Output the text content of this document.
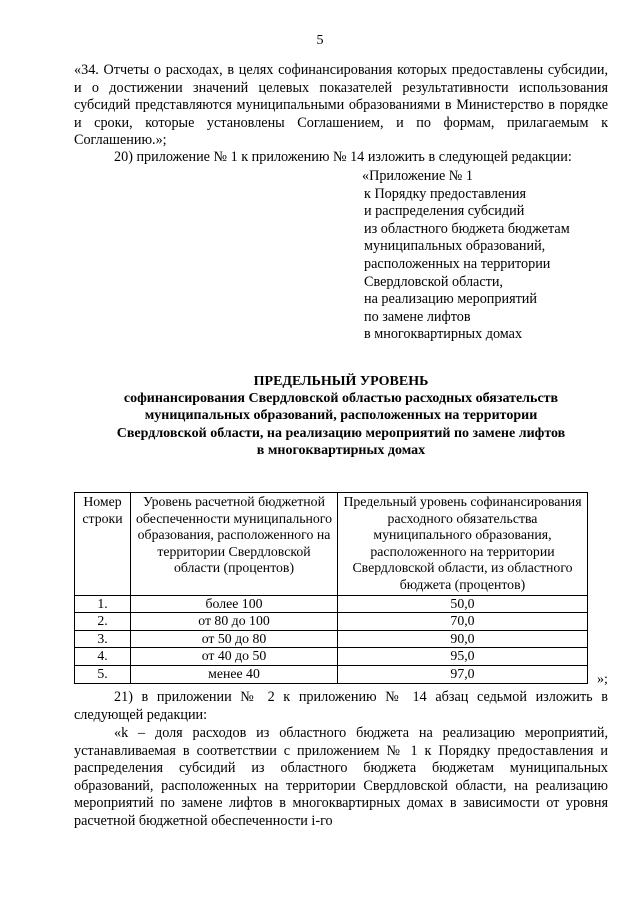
5
«34. Отчеты о расходах, в целях софинансирования которых предоставлены субсидии, и о достижении значений целевых показателей результативности использования субсидий представляются муниципальными образованиями в Министерство в порядке и сроки, которые установлены Соглашением, и по формам, прилагаемым к Соглашению.»;
20) приложение № 1 к приложению № 14 изложить в следующей редакции:
«Приложение № 1
к Порядку предоставления
и распределения субсидий
из областного бюджета бюджетам
муниципальных образований,
расположенных на территории
Свердловской области,
на реализацию мероприятий
по замене лифтов
в многоквартирных домах
ПРЕДЕЛЬНЫЙ УРОВЕНЬ
софинансирования Свердловской областью расходных обязательств
муниципальных образований, расположенных на территории
Свердловской области, на реализацию мероприятий по замене лифтов
в многоквартирных домах
Номер строки	Уровень расчетной бюджетной обеспеченности муниципального образования, расположенного на территории Свердловской области (процентов)	Предельный уровень софинансирования расходного обязательства муниципального образования, расположенного на территории Свердловской области, из областного бюджета (процентов)
1.	более 100	50,0
2.	от 80 до 100	70,0
3.	от 50 до 80	90,0
4.	от 40 до 50	95,0
5.	менее 40	97,0	»;
21) в приложении № 2 к приложению № 14 абзац седьмой изложить в следующей редакции:
«k – доля расходов из областного бюджета на реализацию мероприятий, устанавливаемая в соответствии с приложением № 1 к Порядку предоставления и распределения субсидий из областного бюджета бюджетам муниципальных образований, расположенных на территории Свердловской области, на реализацию мероприятий по замене лифтов в многоквартирных домах в зависимости от уровня расчетной бюджетной обеспеченности i-го
